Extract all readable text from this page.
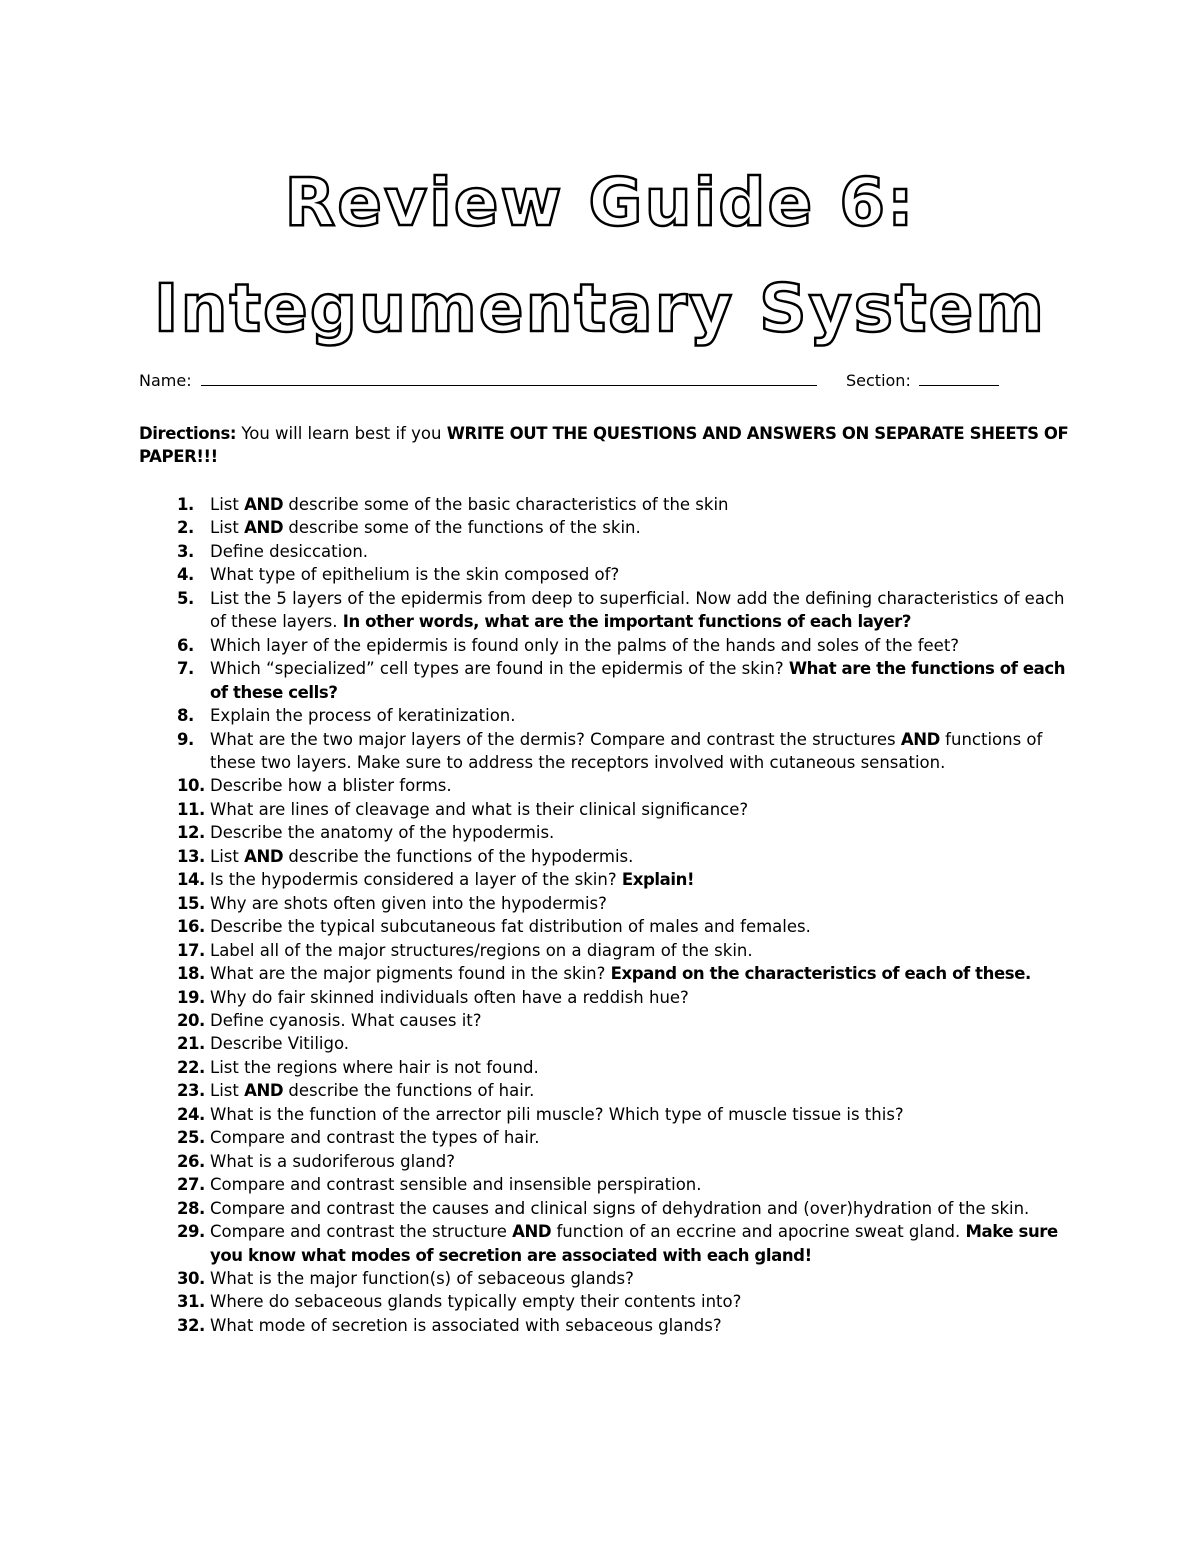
Review Guide 6:
Integumentary System
Name:	Section:
Directions: You will learn best if you WRITE OUT THE QUESTIONS AND ANSWERS ON SEPARATE SHEETS OF PAPER!!!
1. List AND describe some of the basic characteristics of the skin
2. List AND describe some of the functions of the skin.
3. Define desiccation.
4. What type of epithelium is the skin composed of?
5. List the 5 layers of the epidermis from deep to superficial. Now add the defining characteristics of each of these layers. In other words, what are the important functions of each layer?
6. Which layer of the epidermis is found only in the palms of the hands and soles of the feet?
7. Which “specialized” cell types are found in the epidermis of the skin? What are the functions of each of these cells?
8. Explain the process of keratinization.
9. What are the two major layers of the dermis? Compare and contrast the structures AND functions of these two layers. Make sure to address the receptors involved with cutaneous sensation.
10. Describe how a blister forms.
11. What are lines of cleavage and what is their clinical significance?
12. Describe the anatomy of the hypodermis.
13. List AND describe the functions of the hypodermis.
14. Is the hypodermis considered a layer of the skin? Explain!
15. Why are shots often given into the hypodermis?
16. Describe the typical subcutaneous fat distribution of males and females.
17. Label all of the major structures/regions on a diagram of the skin.
18. What are the major pigments found in the skin? Expand on the characteristics of each of these.
19. Why do fair skinned individuals often have a reddish hue?
20. Define cyanosis. What causes it?
21. Describe Vitiligo.
22. List the regions where hair is not found.
23. List AND describe the functions of hair.
24. What is the function of the arrector pili muscle? Which type of muscle tissue is this?
25. Compare and contrast the types of hair.
26. What is a sudoriferous gland?
27. Compare and contrast sensible and insensible perspiration.
28. Compare and contrast the causes and clinical signs of dehydration and (over)hydration of the skin.
29. Compare and contrast the structure AND function of an eccrine and apocrine sweat gland. Make sure you know what modes of secretion are associated with each gland!
30. What is the major function(s) of sebaceous glands?
31. Where do sebaceous glands typically empty their contents into?
32. What mode of secretion is associated with sebaceous glands?
